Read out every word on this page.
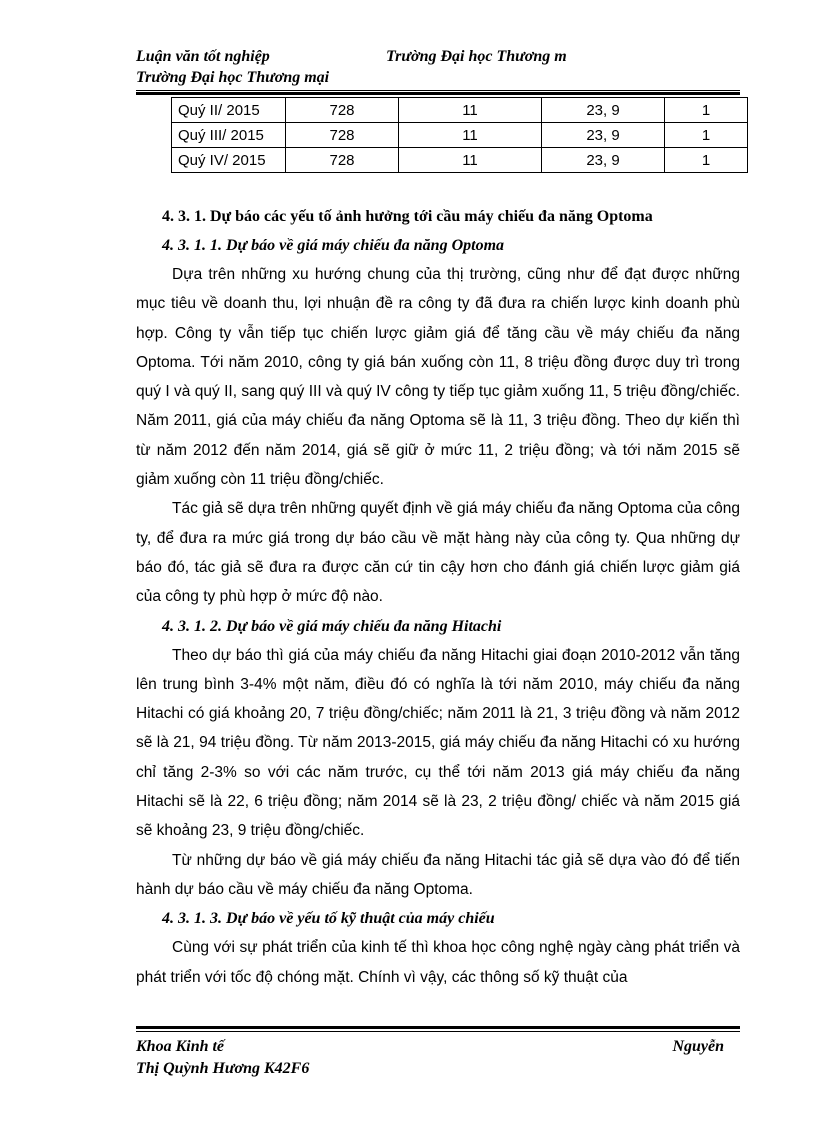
Luận văn tốt nghiệp	Trường Đại học Thương m
Trường Đại học Thương mại
Quý II/ 2015	728	11	23, 9	1
Quý III/ 2015	728	11	23, 9	1
Quý IV/ 2015	728	11	23, 9	1
4. 3. 1. Dự báo các yếu tố ảnh hưởng tới cầu máy chiếu đa năng Optoma
4. 3. 1. 1. Dự báo về giá máy chiếu đa năng Optoma

Dựa trên những xu hướng chung của thị trường, cũng như để đạt được những mục tiêu về doanh thu, lợi nhuận đề ra công ty đã đưa ra chiến lược kinh doanh phù hợp. Công ty vẫn tiếp tục chiến lược giảm giá để tăng cầu về máy chiếu đa năng Optoma. Tới năm 2010, công ty giá bán xuống còn 11, 8 triệu đồng được duy trì trong quý I và quý II, sang quý III và quý IV công ty tiếp tục giảm xuống 11, 5 triệu đồng/chiếc. Năm 2011, giá của máy chiếu đa năng Optoma sẽ là 11, 3 triệu đồng. Theo dự kiến thì từ năm 2012 đến năm 2014, giá sẽ giữ ở mức 11, 2 triệu đồng; và tới năm 2015 sẽ giảm xuống còn 11 triệu đồng/chiếc.

Tác giả sẽ dựa trên những quyết định về giá máy chiếu đa năng Optoma của công ty, để đưa ra mức giá trong dự báo cầu về mặt hàng này của công ty. Qua những dự báo đó, tác giả sẽ đưa ra được căn cứ tin cậy hơn cho đánh giá chiến lược giảm giá của công ty phù hợp ở mức độ nào.

4. 3. 1. 2. Dự báo về giá máy chiếu đa năng Hitachi

Theo dự báo thì giá của máy chiếu đa năng Hitachi giai đoạn 2010-2012 vẫn tăng lên trung bình 3-4% một năm, điều đó có nghĩa là tới năm 2010, máy chiếu đa năng Hitachi có giá khoảng 20, 7 triệu đồng/chiếc; năm 2011 là 21, 3 triệu đồng và năm 2012 sẽ là 21, 94 triệu đồng. Từ năm 2013-2015, giá máy chiếu đa năng Hitachi có xu hướng chỉ tăng 2-3% so với các năm trước, cụ thể tới năm 2013 giá máy chiếu đa năng Hitachi sẽ là 22, 6 triệu đồng; năm 2014 sẽ là 23, 2 triệu đồng/ chiếc và năm 2015 giá sẽ khoảng 23, 9 triệu đồng/chiếc.

Từ những dự báo về giá máy chiếu đa năng Hitachi tác giả sẽ dựa vào đó để tiến hành dự báo cầu về máy chiếu đa năng Optoma.

4. 3. 1. 3. Dự báo về yếu tố kỹ thuật của máy chiếu

Cùng với sự phát triển của kinh tế thì khoa học công nghệ ngày càng phát triển và phát triển với tốc độ chóng mặt. Chính vì vậy, các thông số kỹ thuật của

Khoa Kinh tế	Nguyễn
Thị Quỳnh Hương K42F6
